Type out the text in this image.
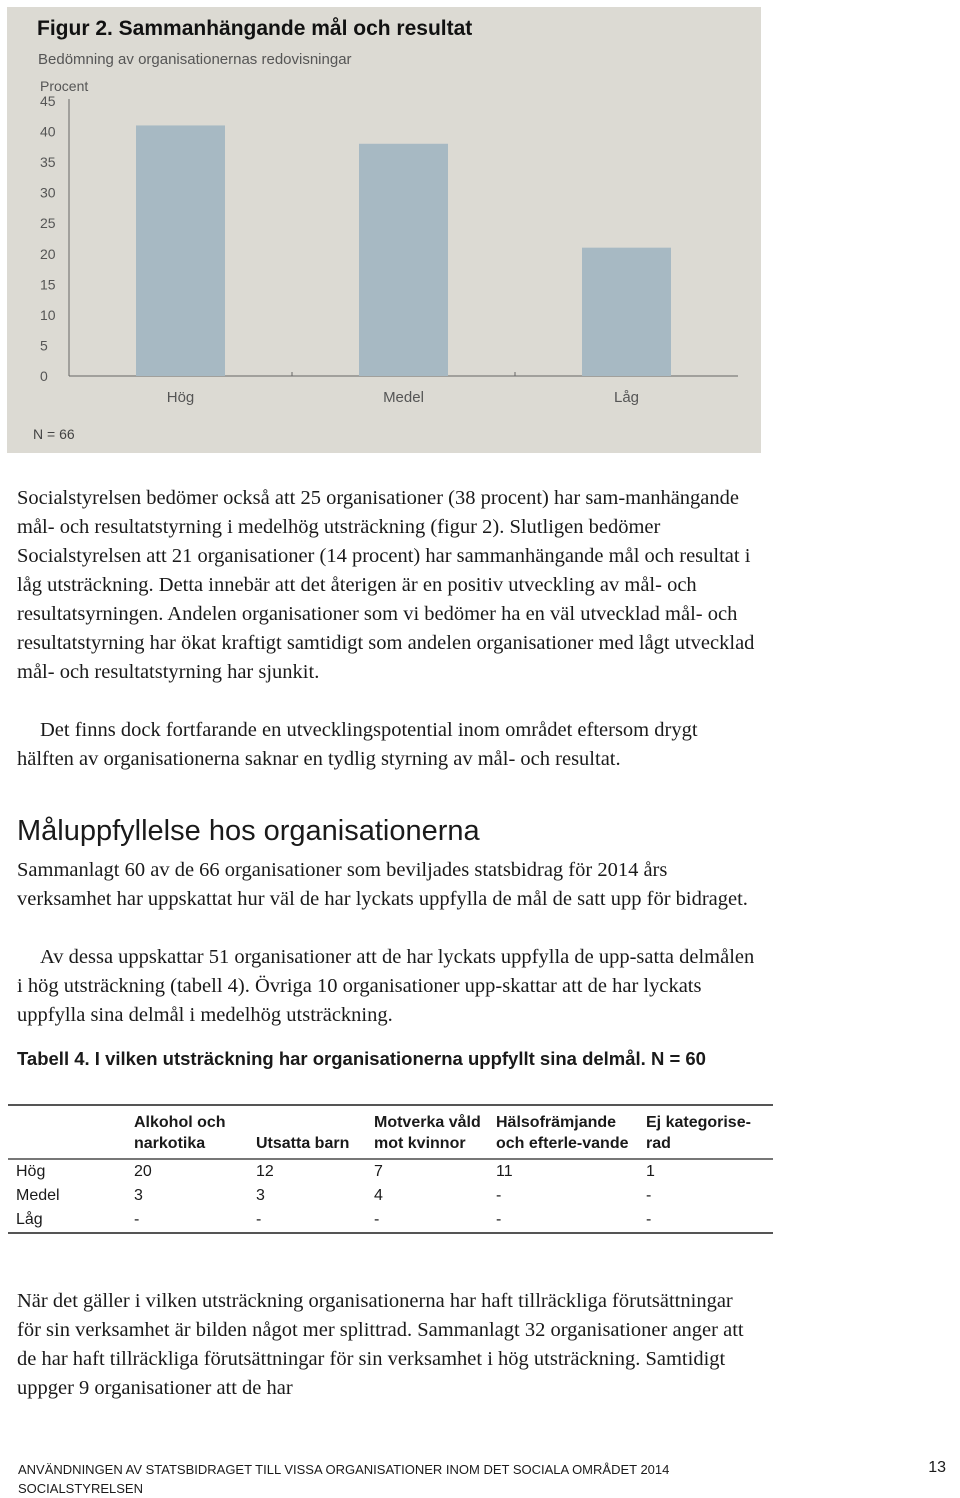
Figur 2. Sammanhängande mål och resultat
Bedömning av organisationernas redovisningar
N = 66
Procent
0
5
10
15
20
25
30
35
40
45
Hög	Medel	Låg

Socialstyrelsen bedömer också att 25 organisationer (38 procent) har sam-manhängande mål- och resultatstyrning i medelhög utsträckning (figur 2). Slutligen bedömer Socialstyrelsen att 21 organisationer (14 procent) har sammanhängande mål och resultat i låg utsträckning. Detta innebär att det återigen är en positiv utveckling av mål- och resultatsyrningen. Andelen organisationer som vi bedömer ha en väl utvecklad mål- och resultatstyrning har ökat kraftigt samtidigt som andelen organisationer med lågt utvecklad mål- och resultatstyrning har sjunkit.

Det finns dock fortfarande en utvecklingspotential inom området eftersom drygt hälften av organisationerna saknar en tydlig styrning av mål- och resultat.

Måluppfyllelse hos organisationerna

Sammanlagt 60 av de 66 organisationer som beviljades statsbidrag för 2014 års verksamhet har uppskattat hur väl de har lyckats uppfylla de mål de satt upp för bidraget.

Av dessa uppskattar 51 organisationer att de har lyckats uppfylla de upp-satta delmålen i hög utsträckning (tabell 4). Övriga 10 organisationer upp-skattar att de har lyckats uppfylla sina delmål i medelhög utsträckning.

Tabell 4. I vilken utsträckning har organisationerna uppfyllt sina delmål. N = 60

	Alkohol och narkotika	Utsatta barn	Motverka våld mot kvinnor	Hälsofrämjande och efterle-vande	Ej kategorise-rad
Hög	20	12	7	11	1
Medel	3	3	4	-	-
Låg	-	-	-	-	-

När det gäller i vilken utsträckning organisationerna har haft tillräckliga förutsättningar för sin verksamhet är bilden något mer splittrad. Sammanlagt 32 organisationer anger att de har haft tillräckliga förutsättningar för sin verksamhet i hög utsträckning. Samtidigt uppger 9 organisationer att de har

ANVÄNDNINGEN AV STATSBIDRAGET TILL VISSA ORGANISATIONER INOM DET SOCIALA OMRÅDET 2014
SOCIALSTYRELSEN
13
